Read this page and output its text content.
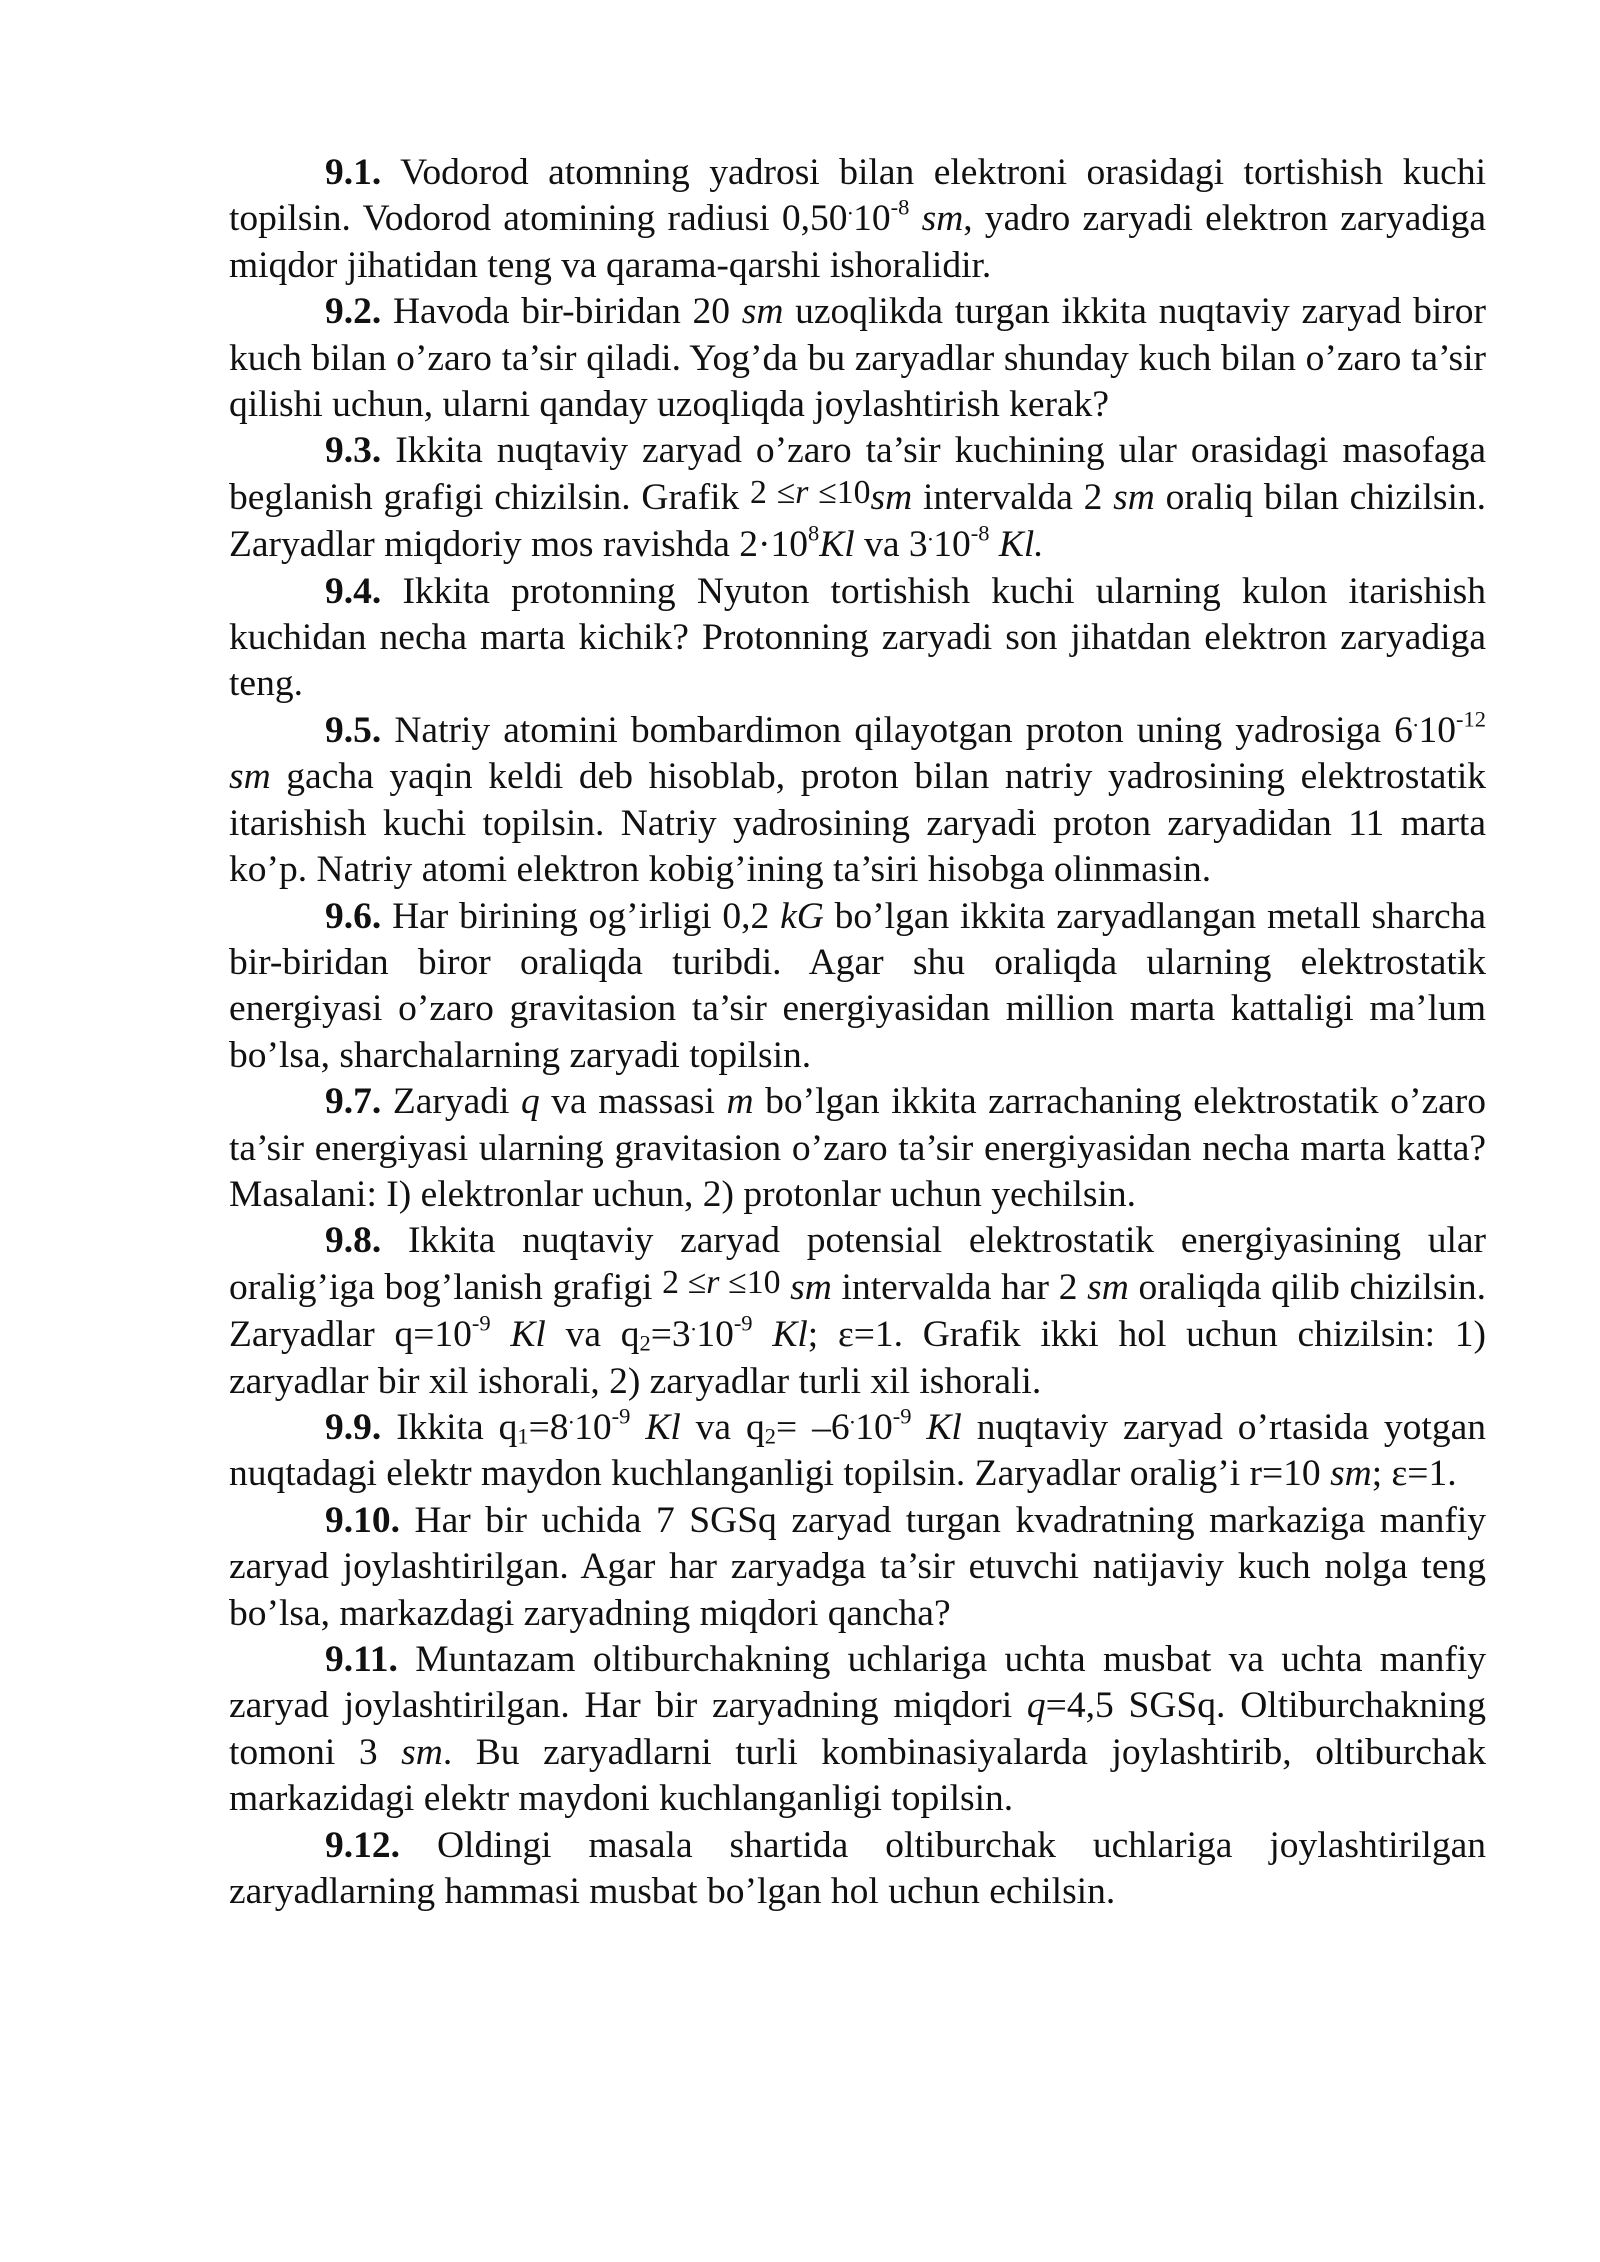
9.1. Vodorod atomning yadrosi bilan elektroni orasidagi tortishish kuchi topilsin. Vodorod atomining radiusi $0,50^.10^{-8}$ sm, yadro zaryadi elektron zaryadiga miqdor jihatidan teng va qarama-qarshi ishoralidir.

9.2. Havoda bir-biridan 20 sm uzoqlikda turgan ikkita nuqtaviy zaryad biror kuch bilan o’zaro ta’sir qiladi. Yog’da bu zaryadlar shunday kuch bilan o’zaro ta’sir qilishi uchun, ularni qanday uzoqliqda joylashtirish kerak?

9.3. Ikkita nuqtaviy zaryad o’zaro ta’sir kuchining ular orasidagi masofaga beglanish grafigi chizilsin. Grafik 2 ≤r ≤10sm intervalda 2 sm oraliq bilan chizilsin. Zaryadlar miqdoriy mos ravishda $2\cdot 10^8Kl$ va $3^.10^{-8}$ Kl.

9.4. Ikkita protonning Nyuton tortishish kuchi ularning kulon itarishish kuchidan necha marta kichik? Protonning zaryadi son jihatdan elektron zaryadiga teng.

9.5. Natriy atomini bombardimon qilayotgan proton uning yadrosiga $6^.10^{-12}$ sm gacha yaqin keldi deb hisoblab, proton bilan natriy yadrosining elektrostatik itarishish kuchi topilsin. Natriy yadrosining zaryadi proton zaryadidan 11 marta ko’p. Natriy atomi elektron kobig’ining ta’siri hisobga olinmasin.

9.6. Har birining og’irligi 0,2 kG bo’lgan ikkita zaryadlangan metall sharcha bir-biridan biror oraliqda turibdi. Agar shu oraliqda ularning elektrostatik energiyasi o’zaro gravitasion ta’sir energiyasidan million marta kattaligi ma’lum bo’lsa, sharchalarning zaryadi topilsin.

9.7. Zaryadi q va massasi m bo’lgan ikkita zarrachaning elektrostatik o’zaro ta’sir energiyasi ularning gravitasion o’zaro ta’sir energiyasidan necha marta katta? Masalani: I) elektronlar uchun, 2) protonlar uchun yechilsin.

9.8. Ikkita nuqtaviy zaryad potensial elektrostatik energiyasining ular oralig’iga bog’lanish grafigi 2 ≤r ≤10 sm intervalda har 2 sm oraliqda qilib chizilsin. Zaryadlar $q=10^{-9}$ Kl va $q_2=3^.10^{-9}$ Kl; ε=1. Grafik ikki hol uchun chizilsin: 1) zaryadlar bir xil ishorali, 2) zaryadlar turli xil ishorali.

9.9. Ikkita $q_1=8^.10^{-9}$ Kl va $q_2= -6^.10^{-9}$ Kl nuqtaviy zaryad o’rtasida yotgan nuqtadagi elektr maydon kuchlanganligi topilsin. Zaryadlar oralig’i r=10 sm; ε=1.

9.10. Har bir uchida 7 SGSq zaryad turgan kvadratning markaziga manfiy zaryad joylashtirilgan. Agar har zaryadga ta’sir etuvchi natijaviy kuch nolga teng bo’lsa, markazdagi zaryadning miqdori qancha?

9.11. Muntazam oltiburchakning uchlariga uchta musbat va uchta manfiy zaryad joylashtirilgan. Har bir zaryadning miqdori q=4,5 SGSq. Oltiburchakning tomoni 3 sm. Bu zaryadlarni turli kombinasiyalarda joylashtirib, oltiburchak markazidagi elektr maydoni kuchlanganligi topilsin.

9.12. Oldingi masala shartida oltiburchak uchlariga joylashtirilgan zaryadlarning hammasi musbat bo’lgan hol uchun echilsin.
